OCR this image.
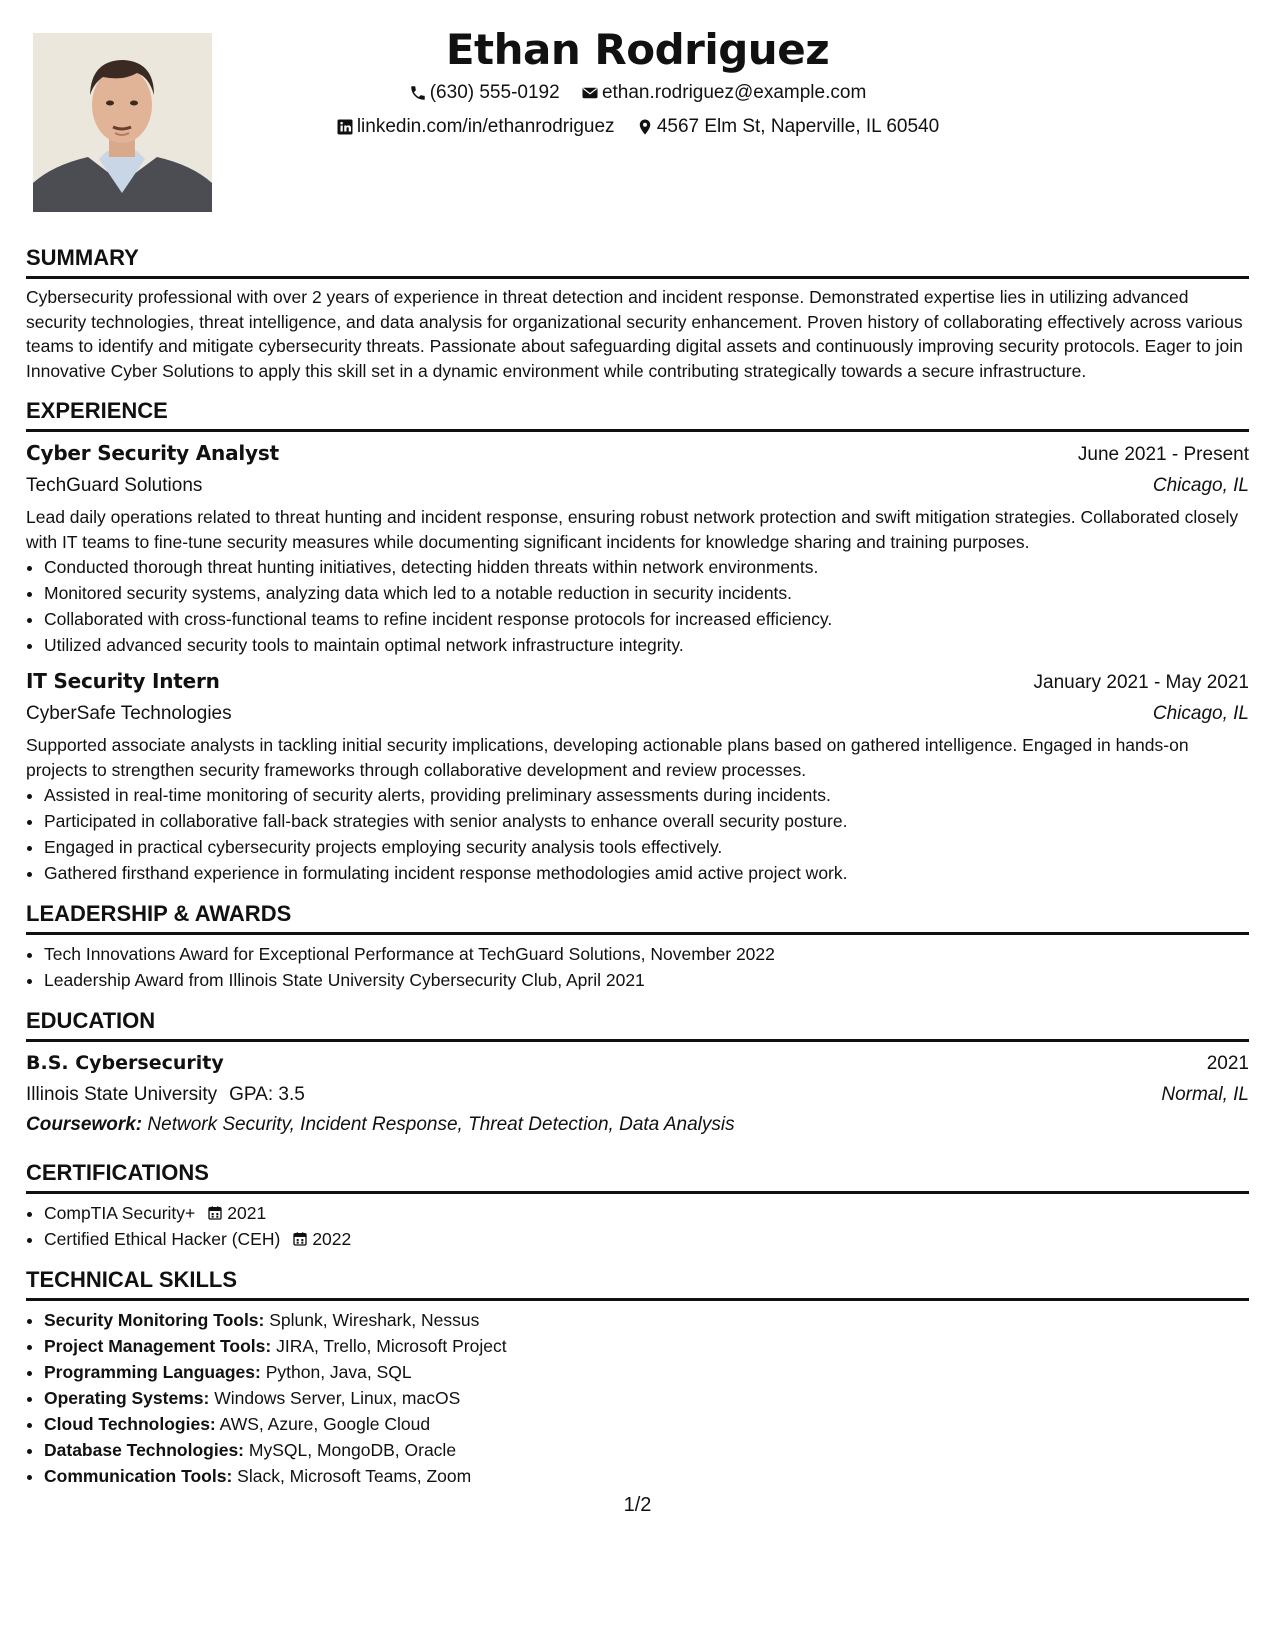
Ethan Rodriguez
(630) 555-0192
ethan.rodriguez@example.com
linkedin.com/in/ethanrodriguez
4567 Elm St, Naperville, IL 60540
SUMMARY

Cybersecurity professional with over 2 years of experience in threat detection and incident response. Demonstrated expertise lies in utilizing advanced security technologies, threat intelligence, and data analysis for organizational security enhancement. Proven history of collaborating effectively across various teams to identify and mitigate cybersecurity threats. Passionate about safeguarding digital assets and continuously improving security protocols. Eager to join Innovative Cyber Solutions to apply this skill set in a dynamic environment while contributing strategically towards a secure infrastructure.

EXPERIENCE
Cyber Security Analyst	June 2021 - Present
TechGuard Solutions	Chicago, IL

Lead daily operations related to threat hunting and incident response, ensuring robust network protection and swift mitigation strategies. Collaborated closely with IT teams to fine-tune security measures while documenting significant incidents for knowledge sharing and training purposes.

• Conducted thorough threat hunting initiatives, detecting hidden threats within network environments.
• Monitored security systems, analyzing data which led to a notable reduction in security incidents.
• Collaborated with cross-functional teams to refine incident response protocols for increased efficiency.
• Utilized advanced security tools to maintain optimal network infrastructure integrity.
IT Security Intern	January 2021 - May 2021
CyberSafe Technologies	Chicago, IL

Supported associate analysts in tackling initial security implications, developing actionable plans based on gathered intelligence. Engaged in hands-on projects to strengthen security frameworks through collaborative development and review processes.

• Assisted in real-time monitoring of security alerts, providing preliminary assessments during incidents.
• Participated in collaborative fall-back strategies with senior analysts to enhance overall security posture.
• Engaged in practical cybersecurity projects employing security analysis tools effectively.
• Gathered firsthand experience in formulating incident response methodologies amid active project work.
LEADERSHIP & AWARDS
• Tech Innovations Award for Exceptional Performance at TechGuard Solutions, November 2022
• Leadership Award from Illinois State University Cybersecurity Club, April 2021
EDUCATION
B.S. Cybersecurity	2021
Illinois State University GPA: 3.5	Normal, IL
Coursework: Network Security, Incident Response, Threat Detection, Data Analysis
CERTIFICATIONS
• CompTIA Security+ 2021
• Certified Ethical Hacker (CEH) 2022
TECHNICAL SKILLS
• Security Monitoring Tools: Splunk, Wireshark, Nessus
• Project Management Tools: JIRA, Trello, Microsoft Project
• Programming Languages: Python, Java, SQL
• Operating Systems: Windows Server, Linux, macOS
• Cloud Technologies: AWS, Azure, Google Cloud
• Database Technologies: MySQL, MongoDB, Oracle
• Communication Tools: Slack, Microsoft Teams, Zoom
1/2
